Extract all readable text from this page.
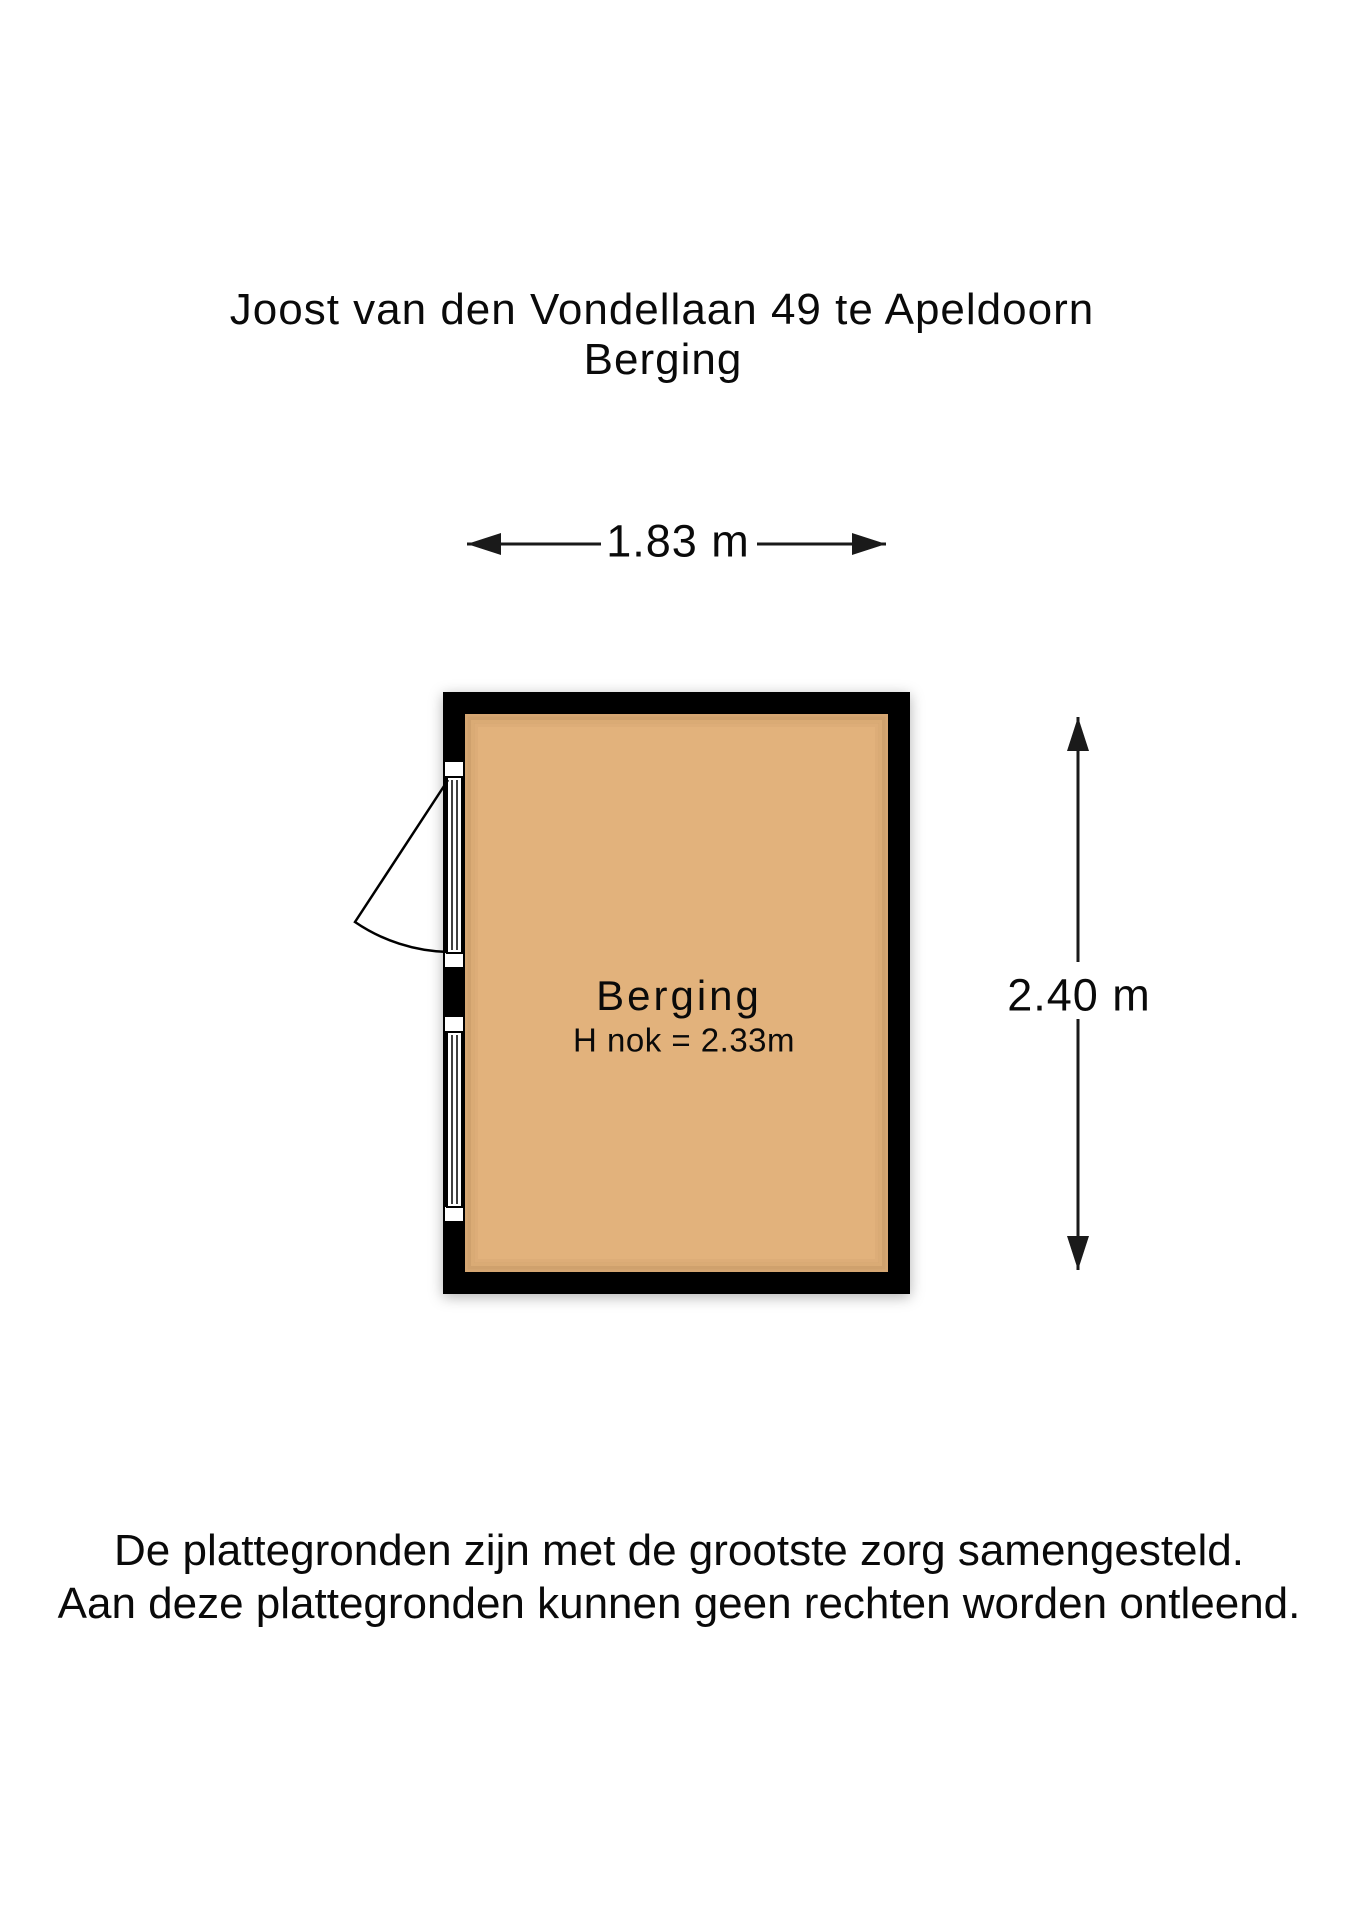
Joost van den Vondellaan 49 te Apeldoorn
Berging
1.83 m
2.40 m
Berging
H nok = 2.33m
De plattegronden zijn met de grootste zorg samengesteld.
Aan deze plattegronden kunnen geen rechten worden ontleend.
